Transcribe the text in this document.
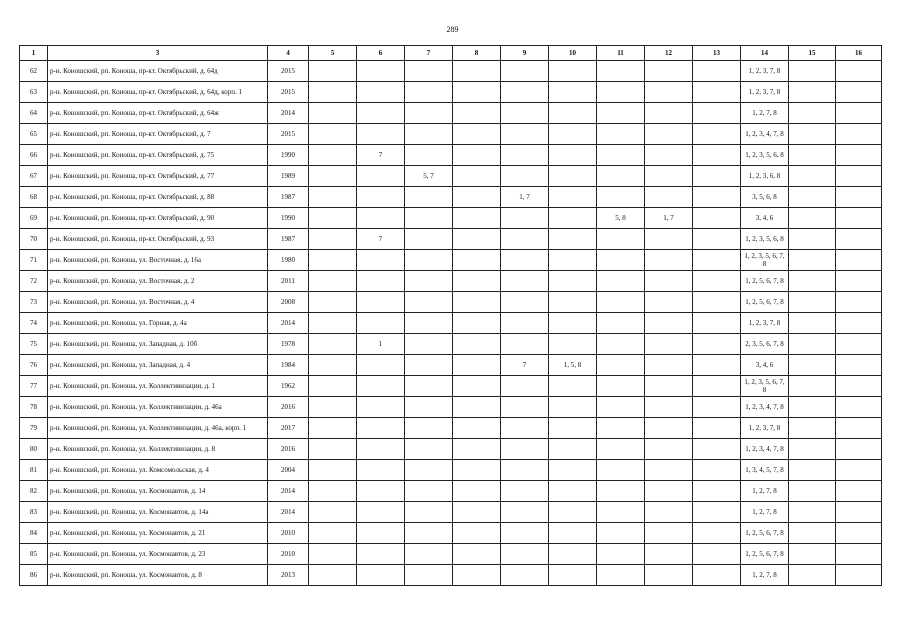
289
1	3	4	5	6	7	8	9	10	11	12	13	14	15	16
62	р-н. Коношский, рп. Коноша, пр-кт. Октябрьский, д. 64д	2015										1, 2, 3, 7, 8		
63	р-н. Коношский, рп. Коноша, пр-кт. Октябрьский, д. 64д, корп. 1	2015										1, 2, 3, 7, 8		
64	р-н. Коношский, рп. Коноша, пр-кт. Октябрьский, д. 64ж	2014										1, 2, 7, 8		
65	р-н. Коношский, рп. Коноша, пр-кт. Октябрьский, д. 7	2015										1, 2, 3, 4, 7, 8		
66	р-н. Коношский, рп. Коноша, пр-кт. Октябрьский, д. 75	1990		7								1, 2, 3, 5, 6, 8		
67	р-н. Коношский, рп. Коноша, пр-кт. Октябрьский, д. 77	1989			5, 7							1, 2, 3, 6, 8		
68	р-н. Коношский, рп. Коноша, пр-кт. Октябрьский, д. 88	1987					1, 7					3, 5, 6, 8		
69	р-н. Коношский, рп. Коноша, пр-кт. Октябрьский, д. 90	1990							5, 8	1, 7		3, 4, 6		
70	р-н. Коношский, рп. Коноша, пр-кт. Октябрьский, д. 93	1987		7								1, 2, 3, 5, 6, 8		
71	р-н. Коношский, рп. Коноша, ул. Восточная, д. 16а	1980										1, 2, 3, 5, 6, 7, 8		
72	р-н. Коношский, рп. Коноша, ул. Восточная, д. 2	2011										1, 2, 5, 6, 7, 8		
73	р-н. Коношский, рп. Коноша, ул. Восточная, д. 4	2008										1, 2, 5, 6, 7, 8		
74	р-н. Коношский, рп. Коноша, ул. Горная, д. 4а	2014										1, 2, 3, 7, 8		
75	р-н. Коношский, рп. Коноша, ул. Западная, д. 10б	1978		1								2, 3, 5, 6, 7, 8		
76	р-н. Коношский, рп. Коноша, ул. Западная, д. 4	1984					7	1, 5, 8				3, 4, 6		
77	р-н. Коношский, рп. Коноша, ул. Коллективизации, д. 1	1962										1, 2, 3, 5, 6, 7, 8		
78	р-н. Коношский, рп. Коноша, ул. Коллективизации, д. 46а	2016										1, 2, 3, 4, 7, 8		
79	р-н. Коношский, рп. Коноша, ул. Коллективизации, д. 46а, корп. 1	2017										1, 2, 3, 7, 8		
80	р-н. Коношский, рп. Коноша, ул. Коллективизации, д. 8	2016										1, 2, 3, 4, 7, 8		
81	р-н. Коношский, рп. Коноша, ул. Комсомольская, д. 4	2004										1, 3, 4, 5, 7, 8		
82	р-н. Коношский, рп. Коноша, ул. Космонавтов, д. 14	2014										1, 2, 7, 8		
83	р-н. Коношский, рп. Коноша, ул. Космонавтов, д. 14а	2014										1, 2, 7, 8		
84	р-н. Коношский, рп. Коноша, ул. Космонавтов, д. 21	2010										1, 2, 5, 6, 7, 8		
85	р-н. Коношский, рп. Коноша, ул. Космонавтов, д. 23	2010										1, 2, 5, 6, 7, 8		
86	р-н. Коношский, рп. Коноша, ул. Космонавтов, д. 8	2013										1, 2, 7, 8		
